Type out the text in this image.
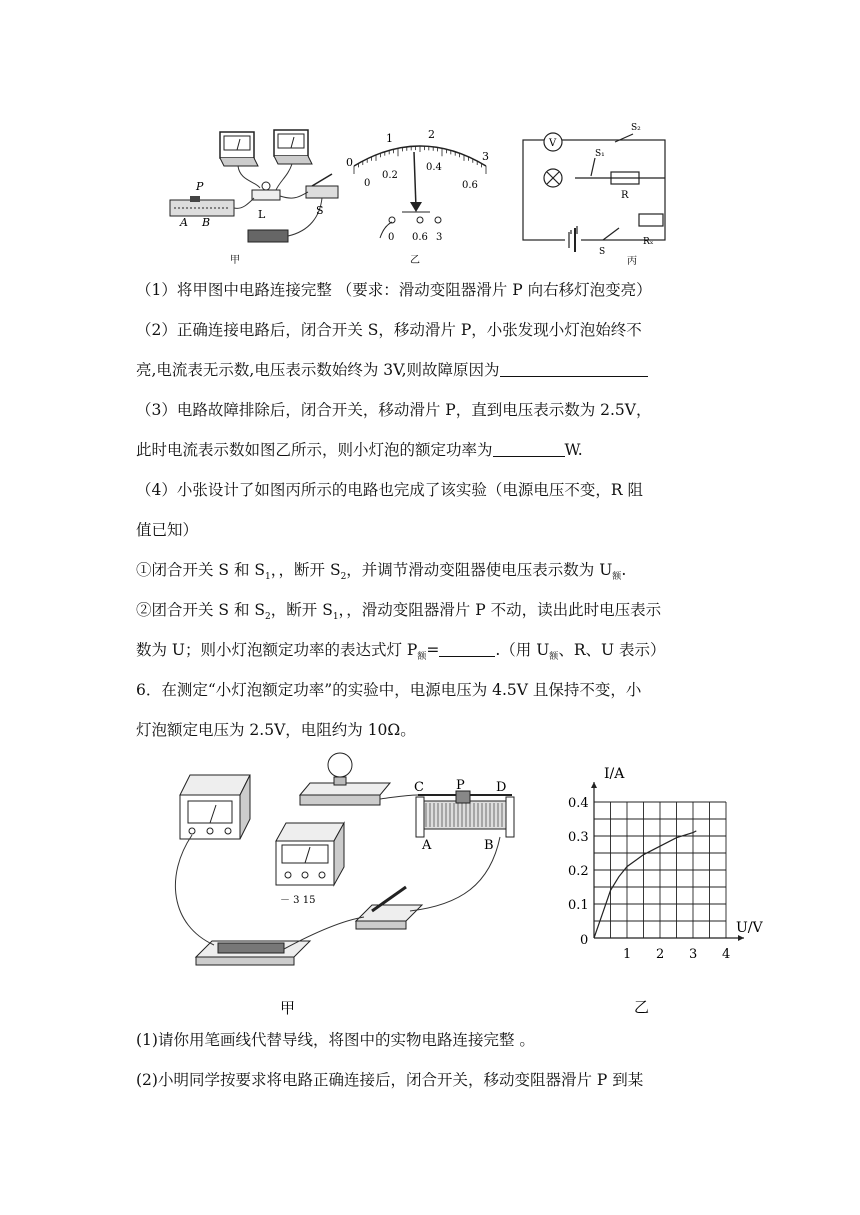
P
A B
L	S
甲
0
1	2
3
0
0.2
0.4
0.6
0 0.6 3
乙
V
S₂
S₁
R
S
Rₓ
丙
（1）将甲图中电路连接完整 （要求：滑动变阻器滑片 P 向右移灯泡变亮）
（2）正确连接电路后，闭合开关 S，移动滑片 P，小张发现小灯泡始终不
亮,电流表无示数,电压表示数始终为 3V,则故障原因为
（3）电路故障排除后，闭合开关，移动滑片 P，直到电压表示数为 2.5V，
此时电流表示数如图乙所示，则小灯泡的额定功率为	W.
（4）小张设计了如图丙所示的电路也完成了该实验（电源电压不变，R 阻
值已知）
①闭合开关 S 和 $S_1$，，断开 $S_2$，并调节滑动变阻器使电压表示数为 $U_额$.
②团合开关 S 和 $S_2$，断开 $S_1$，，滑动变阻器滑片 P 不动，读出此时电压表示
数为 U；则小灯泡额定功率的表达式灯 $P_额=$	.（用 $U_额$、R、U 表示）
6．在测定“小灯泡额定功率”的实验中，电源电压为 4.5V 且保持不变，小
灯泡额定电压为 2.5V，电阻约为 10Ω。
C P D
A	B
－ 3 15
甲
1 2 3 4
0.1
0.2
0.3
0.4
I/A
U/V
0
乙
(1)请你用笔画线代替导线，将图中的实物电路连接完整 。
(2)小明同学按要求将电路正确连接后，闭合开关，移动变阻器滑片 P 到某
